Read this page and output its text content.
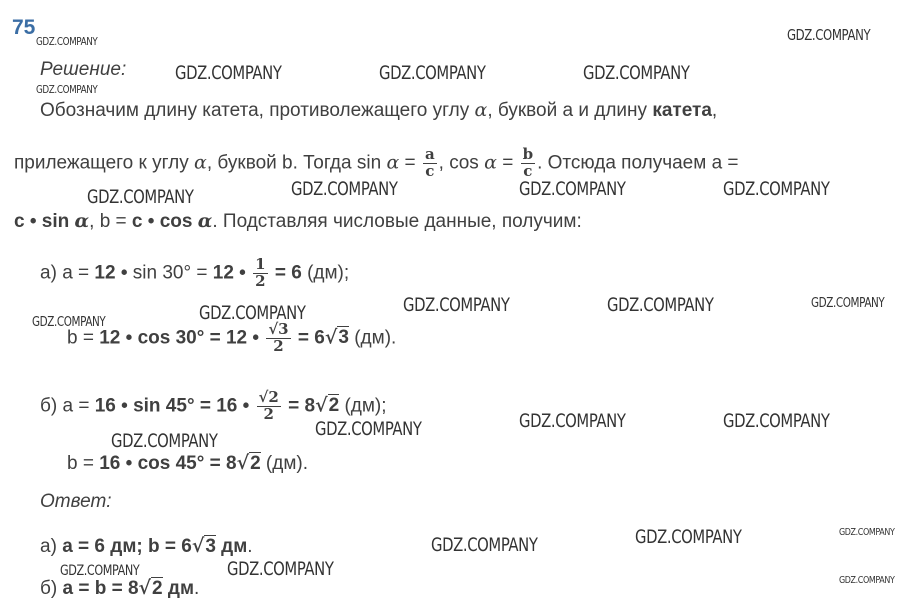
75
Решение:
Обозначим длину катета, противолежащего углу α, буквой а и длину катета,
прилежащего к углу α, буквой b. Тогда $\sin \alpha = \frac{a}{c}$ , $\cos \alpha = \frac{b}{c}$ . Отсюда получаем a =
c • sin α, b = c • cos α. Подставляя числовые данные, получим:
а) a = 12 • sin 30° = 12 • $\frac{1}{2} = 6$ (дм);
b = 12 • cos 30° = 12 • $\frac{√3}{2} = 6√3$ (дм).
б) a = 16 • sin 45° = 16 • $\frac{√2}{2} = 8√2$ (дм);
b = 16 • cos 45° = 8√2 (дм).
Ответ:
а) a = 6 дм; b = 6√3 дм.
б) a = b = 8√2 дм.
GDZ.COMPANY
GDZ.COMPANY
GDZ.COMPANY
GDZ.COMPANY	GDZ.COMPANY	GDZ.COMPANY
GDZ.COMPANY	GDZ.COMPANY	GDZ.COMPANY	GDZ.COMPANY
GDZ.COMPANY	GDZ.COMPANY	GDZ.COMPANY	GDZ.COMPANY
GDZ.COMPANY
GDZ.COMPANY	GDZ.COMPANY	GDZ.COMPANY
GDZ.COMPANY
GDZ.COMPANY
GDZ.COMPANY
GDZ.COMPANY
GDZ.COMPANY	GDZ.COMPANY
GDZ.COMPANY
